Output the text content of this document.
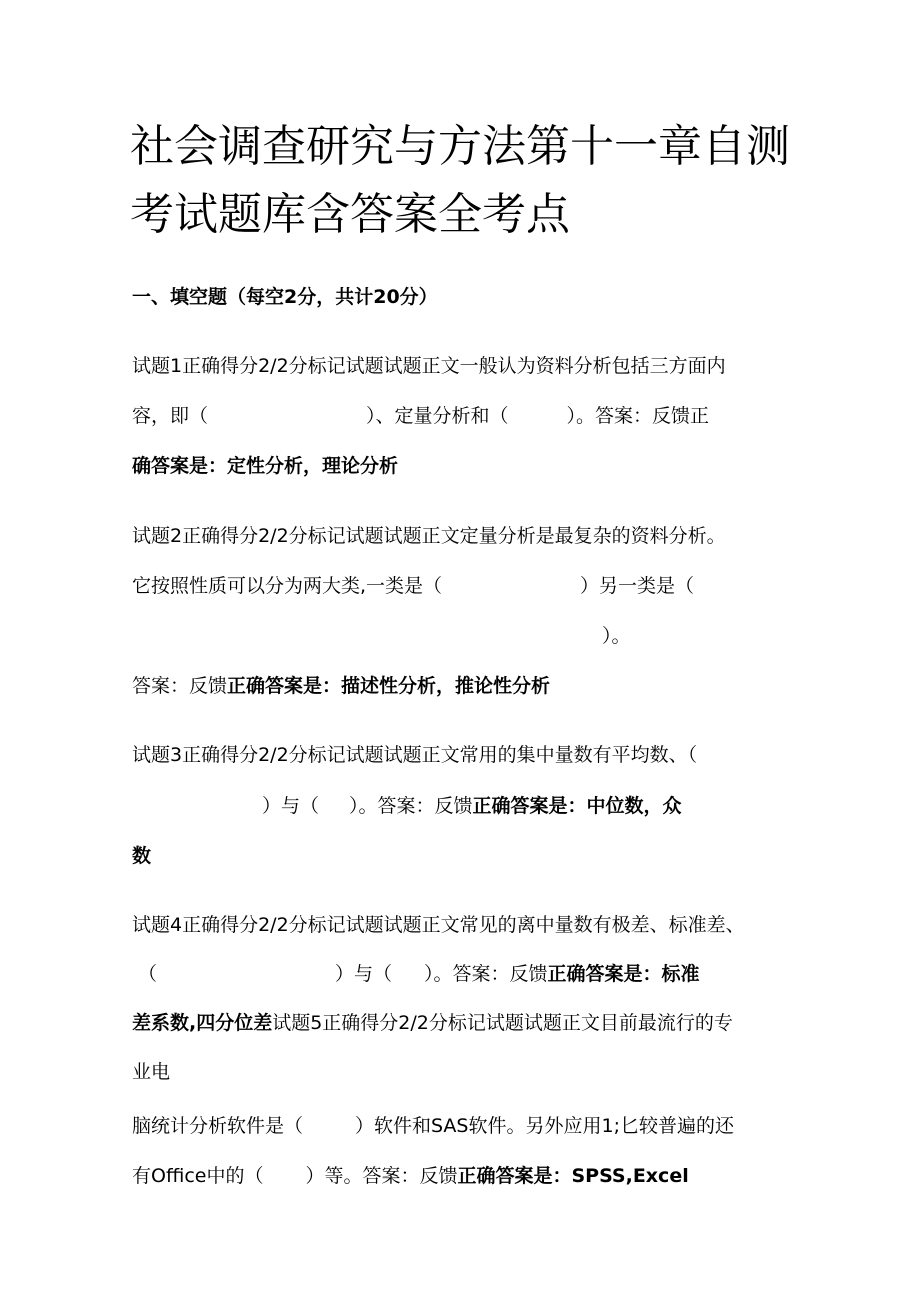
社会调查研究与方法第十一章自测
考试题库含答案全考点
一、填空题（每空2分，共计20分）
试题1正确得分2/2分标记试题试题正文一般认为资料分析包括三方面内
容，即（	）、定量分析和（	）。答案：反馈正
确答案是：定性分析，理论分析
试题2正确得分2/2分标记试题试题正文定量分析是最复杂的资料分析。
它按照性质可以分为两大类,一类是（	）另一类是（
）。
答案：反馈正确答案是：描述性分析，推论性分析
试题3正确得分2/2分标记试题试题正文常用的集中量数有平均数、（
）与（ ）。答案：反馈正确答案是：中位数，众
数
试题4正确得分2/2分标记试题试题正文常见的离中量数有极差、标准差、
（	）与（ ）。答案：反馈正确答案是：标准
差系数,四分位差试题5正确得分2/2分标记试题试题正文目前最流行的专
业电
脑统计分析软件是（	）软件和SAS软件。另外应用1;匕较普遍的还
有Office中的（ ）等。答案：反馈正确答案是：SPSS,Excel
